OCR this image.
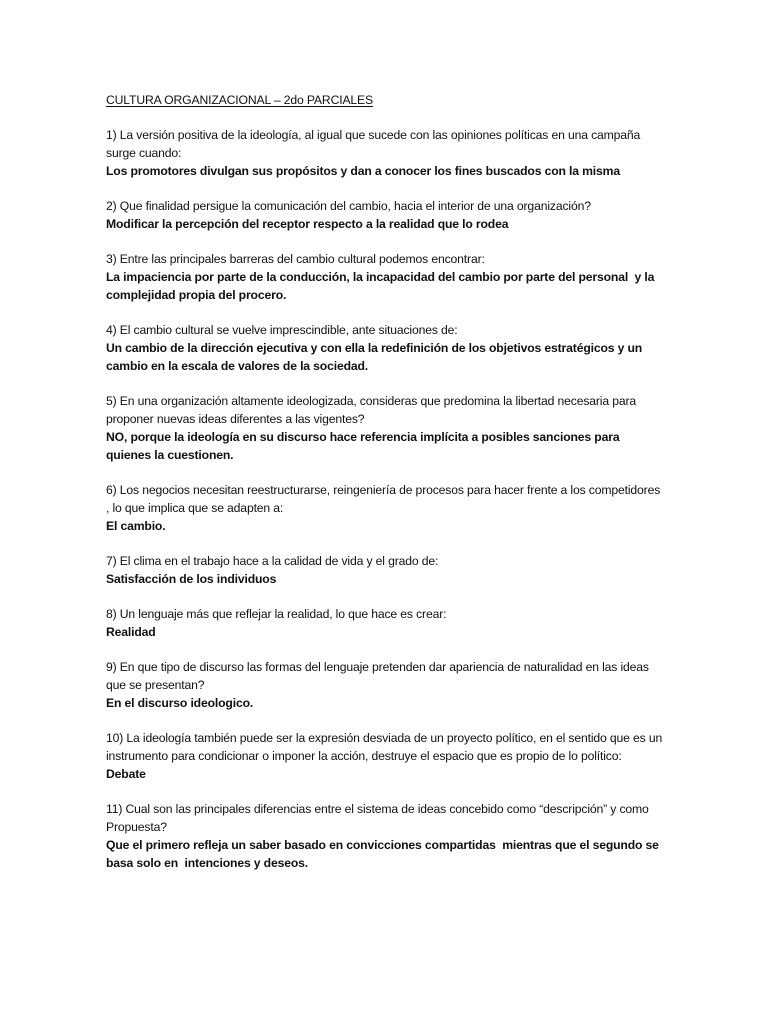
CULTURA ORGANIZACIONAL – 2do PARCIALES
1) La versión positiva de la ideología, al igual que sucede con las opiniones políticas en una campaña surge cuando:
Los promotores divulgan sus propósitos y dan a conocer los fines buscados con la misma
2) Que finalidad persigue la comunicación del cambio, hacia el interior de una organización?
Modificar la percepción del receptor respecto a la realidad que lo rodea
3) Entre las principales barreras del cambio cultural podemos encontrar:
La impaciencia por parte de la conducción, la incapacidad del cambio por parte del personal  y la complejidad propia del procero.
4) El cambio cultural se vuelve imprescindible, ante situaciones de:
Un cambio de la dirección ejecutiva y con ella la redefinición de los objetivos estratégicos y un cambio en la escala de valores de la sociedad.
5) En una organización altamente ideologizada, consideras que predomina la libertad necesaria para proponer nuevas ideas diferentes a las vigentes?
NO, porque la ideología en su discurso hace referencia implícita a posibles sanciones para quienes la cuestionen.
6) Los negocios necesitan reestructurarse, reingeniería de procesos para hacer frente a los competidores , lo que implica que se adapten a:
El cambio.
7) El clima en el trabajo hace a la calidad de vida y el grado de:
Satisfacción de los individuos
8) Un lenguaje más que reflejar la realidad, lo que hace es crear:
Realidad
9) En que tipo de discurso las formas del lenguaje pretenden dar apariencia de naturalidad en las ideas que se presentan?
En el discurso ideologico.
10) La ideología también puede ser la expresión desviada de un proyecto político, en el sentido que es un instrumento para condicionar o imponer la acción, destruye el espacio que es propio de lo político:
Debate
11) Cual son las principales diferencias entre el sistema de ideas concebido como “descripción” y como Propuesta?
Que el primero refleja un saber basado en convicciones compartidas  mientras que el segundo se basa solo en  intenciones y deseos.
